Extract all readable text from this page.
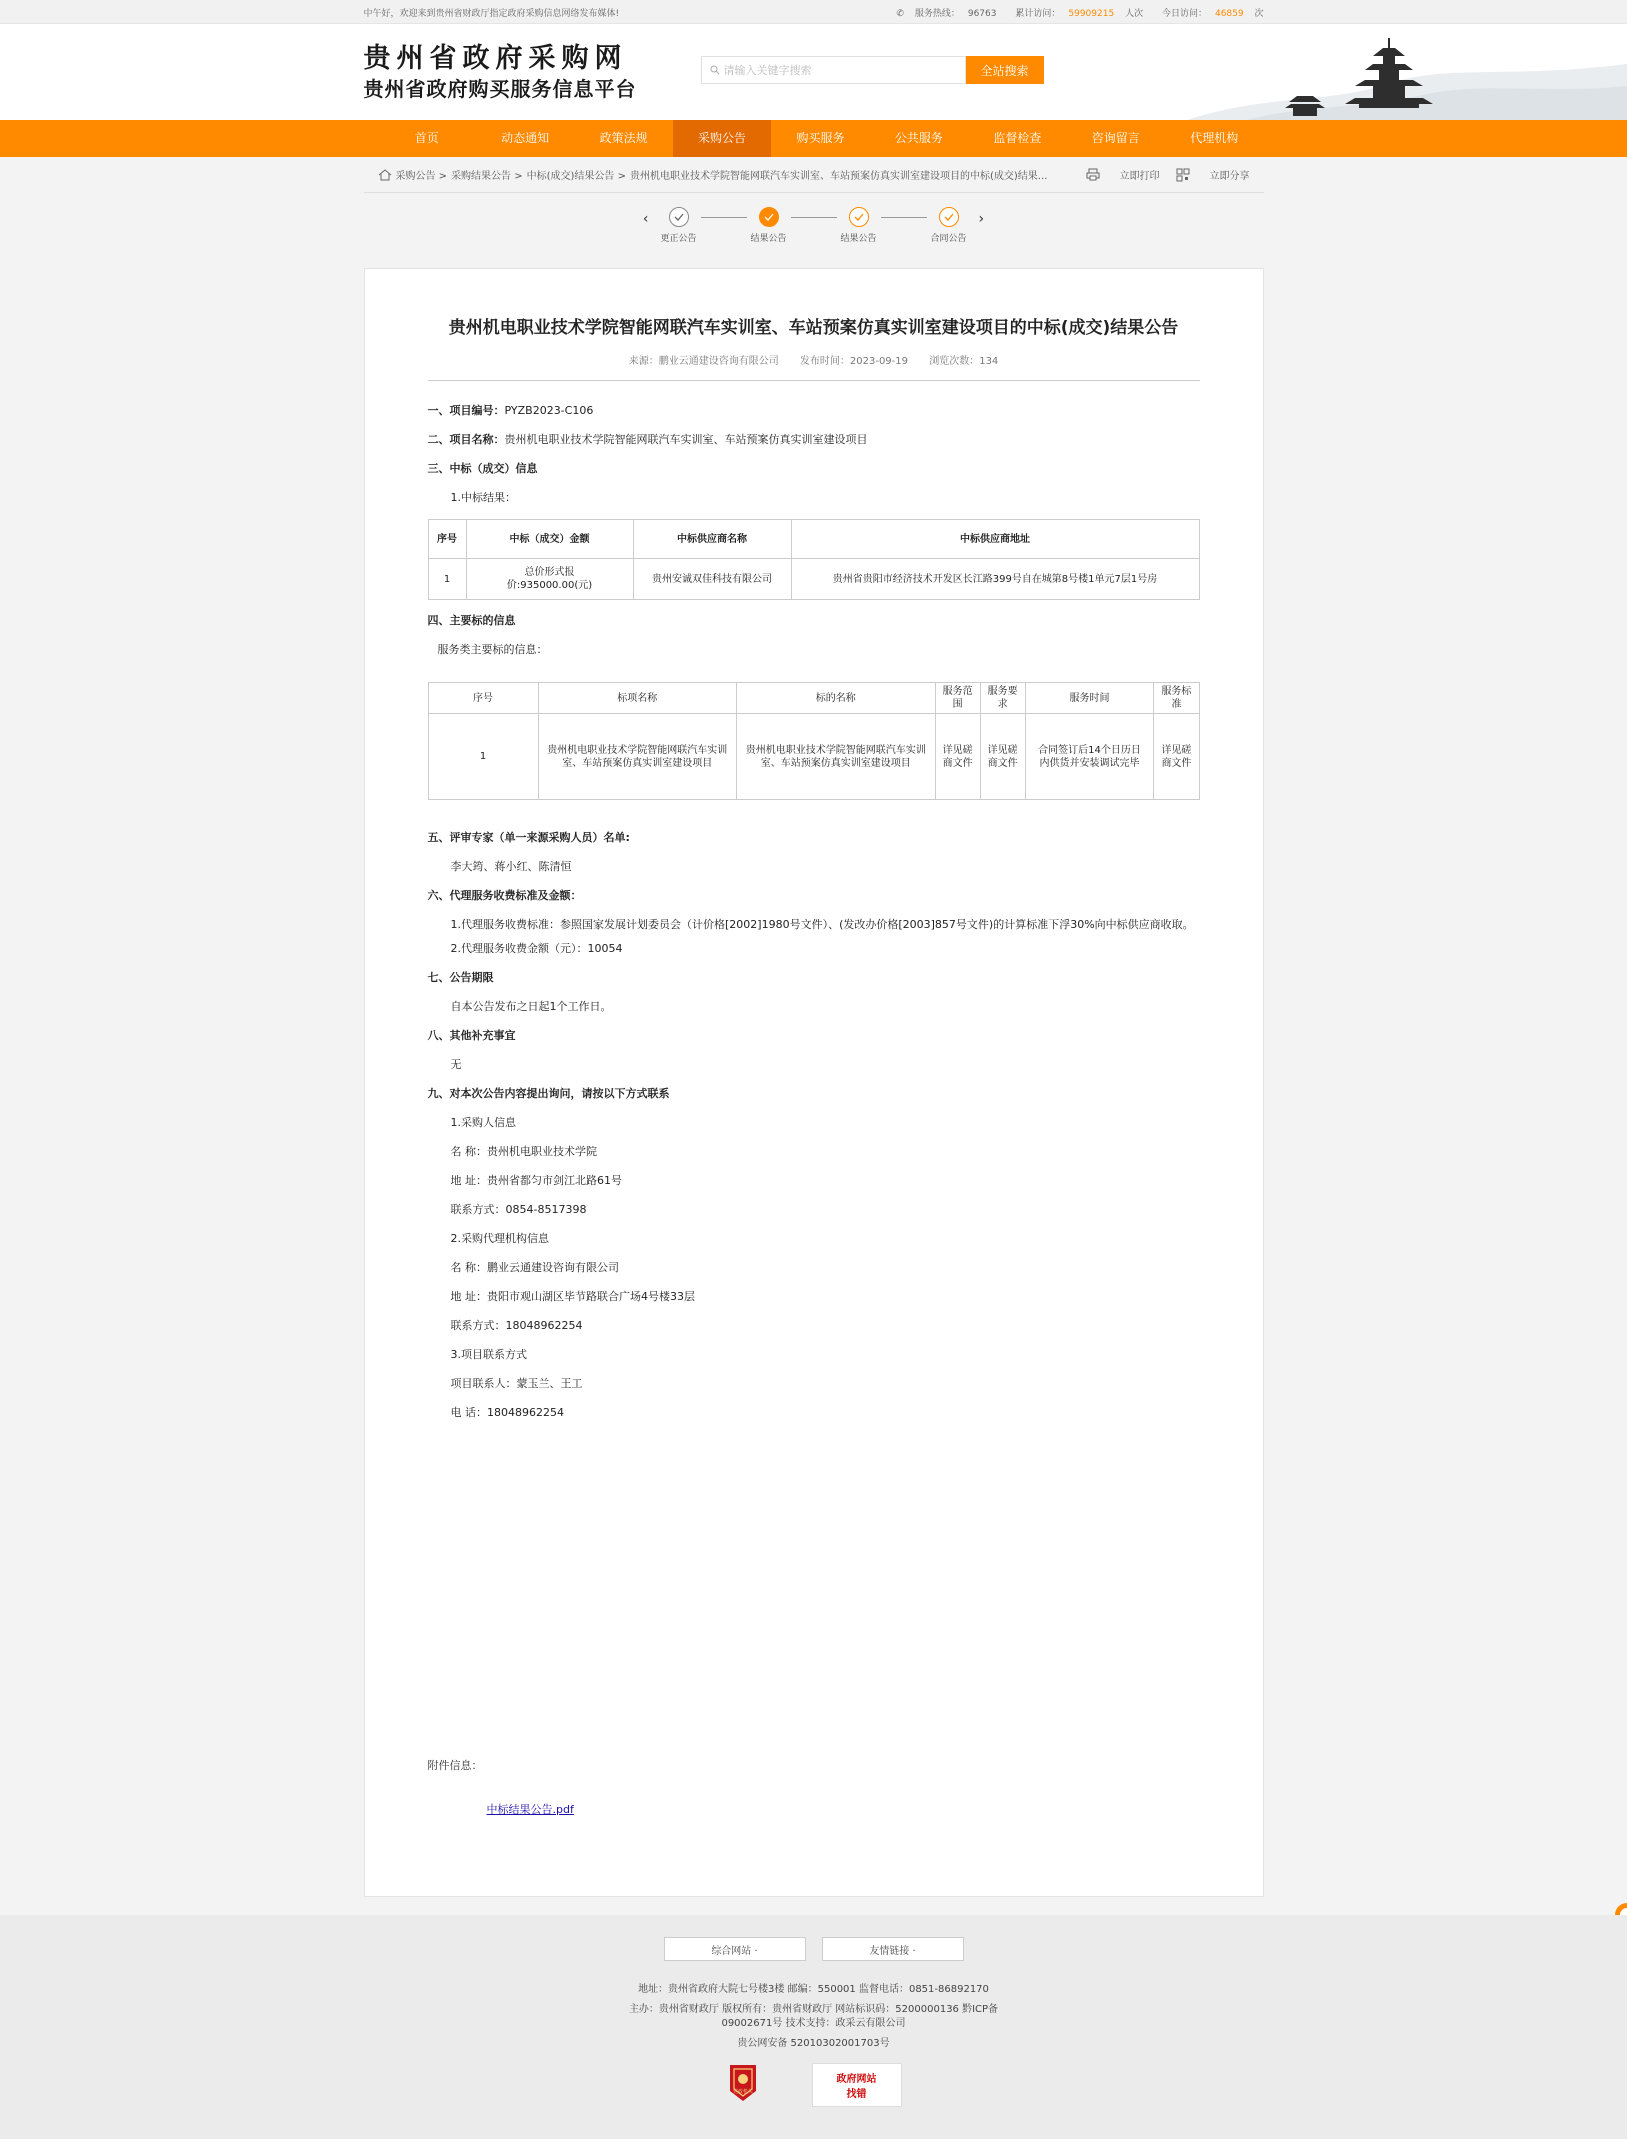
中午好，欢迎来到贵州省财政厅指定政府采购信息网络发布媒体!	✆ 服务热线： 96763 累计访问： 59909215 人次 今日访问： 46859 次
贵州省政府采购网
贵州省政府购买服务信息平台
请输入关键字搜索	全站搜索
首页	动态通知	政策法规	采购公告	购买服务	公共服务	监督检查	咨询留言	代理机构
采购公告 > 采购结果公告 > 中标(成交)结果公告 > 贵州机电职业技术学院智能网联汽车实训室、车站预案仿真实训室建设项目的中标(成交)结果...	立即打印	立即分享
‹
更正公告	结果公告	结果公告	合同公告
›
贵州机电职业技术学院智能网联汽车实训室、车站预案仿真实训室建设项目的中标(成交)结果公告
来源：鹏业云通建设咨询有限公司 发布时间：2023-09-19 浏览次数：134
一、项目编号：PYZB2023-C106
二、项目名称：贵州机电职业技术学院智能网联汽车实训室、车站预案仿真实训室建设项目
三、中标（成交）信息
1.中标结果：
序号	中标（成交）金额	中标供应商名称	中标供应商地址
1	总价形式报价:935000.00(元)	贵州安诚双佳科技有限公司	贵州省贵阳市经济技术开发区长江路399号自在城第8号楼1单元7层1号房
四、主要标的信息
服务类主要标的信息：
序号	标项名称	标的名称	服务范围	服务要求	服务时间	服务标准
1	贵州机电职业技术学院智能网联汽车实训室、车站预案仿真实训室建设项目	贵州机电职业技术学院智能网联汽车实训室、车站预案仿真实训室建设项目	详见磋商文件	详见磋商文件	合同签订后14个日历日内供货并安装调试完毕	详见磋商文件
五、评审专家（单一来源采购人员）名单:
李大筠、蒋小红、陈清恒
六、代理服务收费标准及金额：
1.代理服务收费标准：参照国家发展计划委员会（计价格[2002]1980号文件）、(发改办价格[2003]857号文件)的计算标准下浮30%向中标供应商收取。
2.代理服务收费金额（元）：10054
七、公告期限
自本公告发布之日起1个工作日。
八、其他补充事宜
无
九、对本次公告内容提出询问，请按以下方式联系
1.采购人信息
名 称：贵州机电职业技术学院
地 址：贵州省都匀市剑江北路61号
联系方式：0854-8517398
2.采购代理机构信息
名 称：鹏业云通建设咨询有限公司
地 址：贵阳市观山湖区毕节路联合广场4号楼33层
联系方式：18048962254
3.项目联系方式
项目联系人：蒙玉兰、王工
电 话：18048962254
附件信息：
中标结果公告.pdf
综合网站 ·	友情链接 ·
地址：贵州省政府大院七号楼3楼 邮编：550001 监督电话：0851-86892170
主办：贵州省财政厅 版权所有：贵州省财政厅 网站标识码：5200000136 黔ICP备09002671号 技术支持：政采云有限公司
贵公网安备 52010302001703号
党政机关
政府网站
找错
